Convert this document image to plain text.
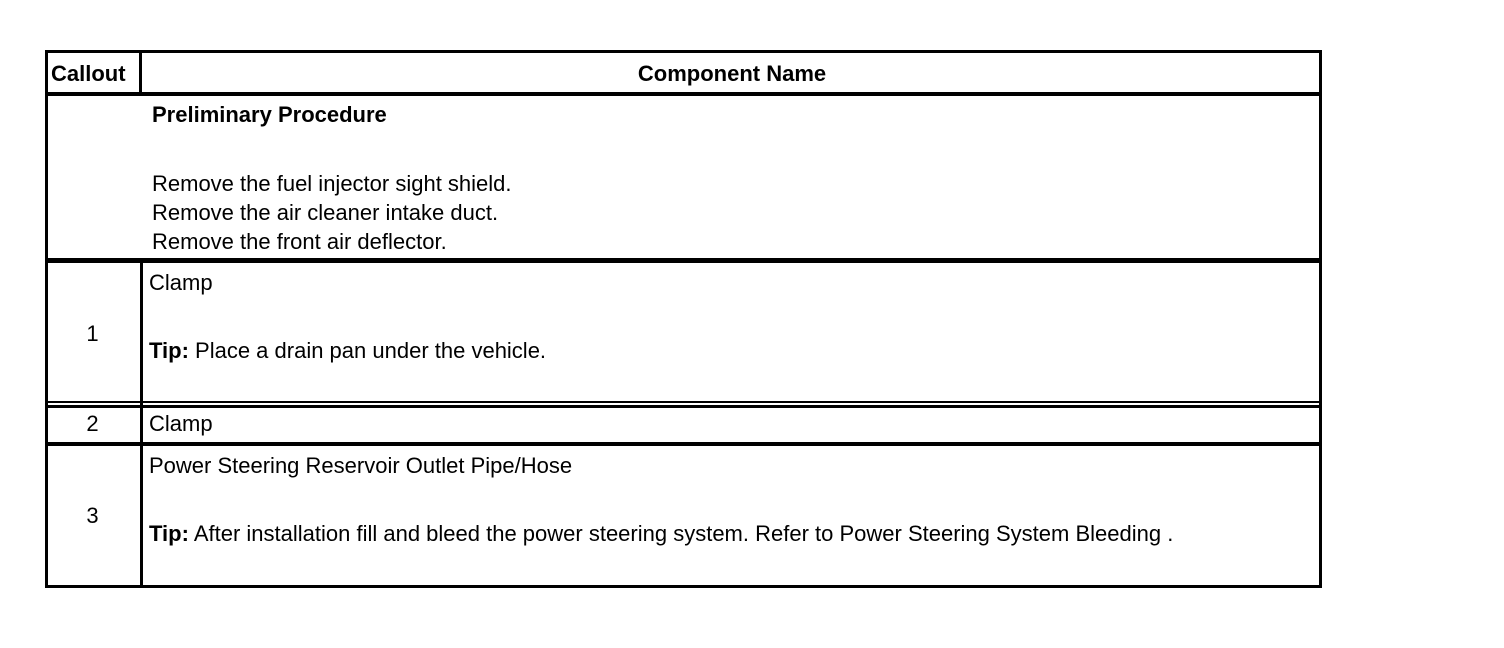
Callout	Component Name
Preliminary Procedure
Remove the fuel injector sight shield.
Remove the air cleaner intake duct.
Remove the front air deflector.
1
Clamp
Tip: Place a drain pan under the vehicle.
2	Clamp
3
Power Steering Reservoir Outlet Pipe/Hose
Tip: After installation fill and bleed the power steering system. Refer to Power Steering System Bleeding .
